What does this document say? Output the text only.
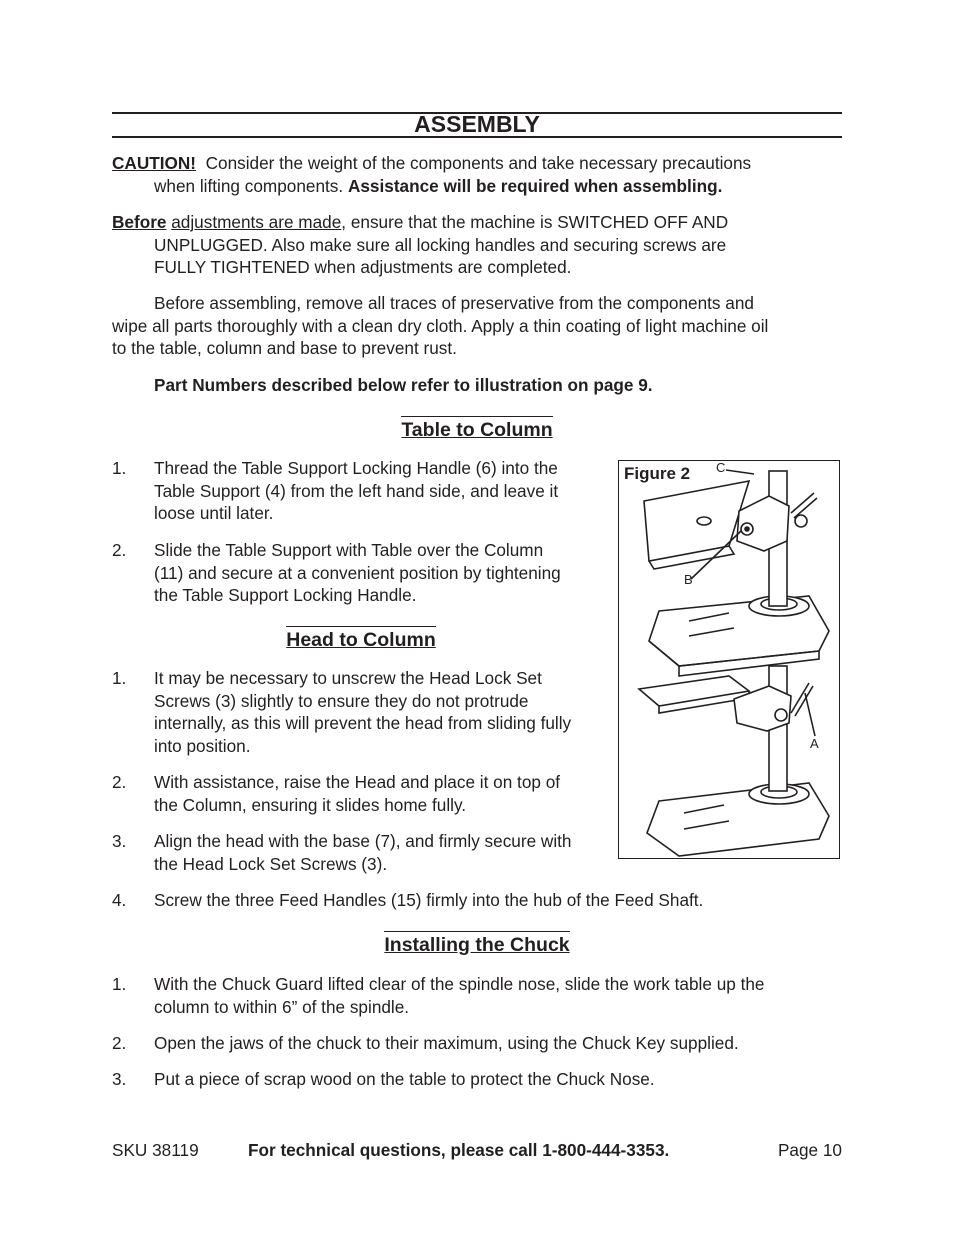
ASSEMBLY
CAUTION! Consider the weight of the components and take necessary precautions
when lifting components. Assistance will be required when assembling.
Before adjustments are made, ensure that the machine is SWITCHED OFF AND
UNPLUGGED. Also make sure all locking handles and securing screws are
FULLY TIGHTENED when adjustments are completed.
Before assembling, remove all traces of preservative from the components and
wipe all parts thoroughly with a clean dry cloth. Apply a thin coating of light machine oil
to the table, column and base to prevent rust.
Part Numbers described below refer to illustration on page 9.
Table to Column
1.	Thread the Table Support Locking Handle (6) into the
Table Support (4) from the left hand side, and leave it
loose until later.
2.	Slide the Table Support with Table over the Column
(11) and secure at a convenient position by tightening
the Table Support Locking Handle.
Head to Column
1.	It may be necessary to unscrew the Head Lock Set
Screws (3) slightly to ensure they do not protrude
internally, as this will prevent the head from sliding fully
into position.
2.	With assistance, raise the Head and place it on top of
the Column, ensuring it slides home fully.
3.	Align the head with the base (7), and firmly secure with
the Head Lock Set Screws (3).
4.	Screw the three Feed Handles (15) firmly into the hub of the Feed Shaft.
Figure 2 C
B
A
Installing the Chuck
1.	With the Chuck Guard lifted clear of the spindle nose, slide the work table up the
column to within 6” of the spindle.
2.	Open the jaws of the chuck to their maximum, using the Chuck Key supplied.
3.	Put a piece of scrap wood on the table to protect the Chuck Nose.
SKU 38119	For technical questions, please call 1-800-444-3353.	Page 10
